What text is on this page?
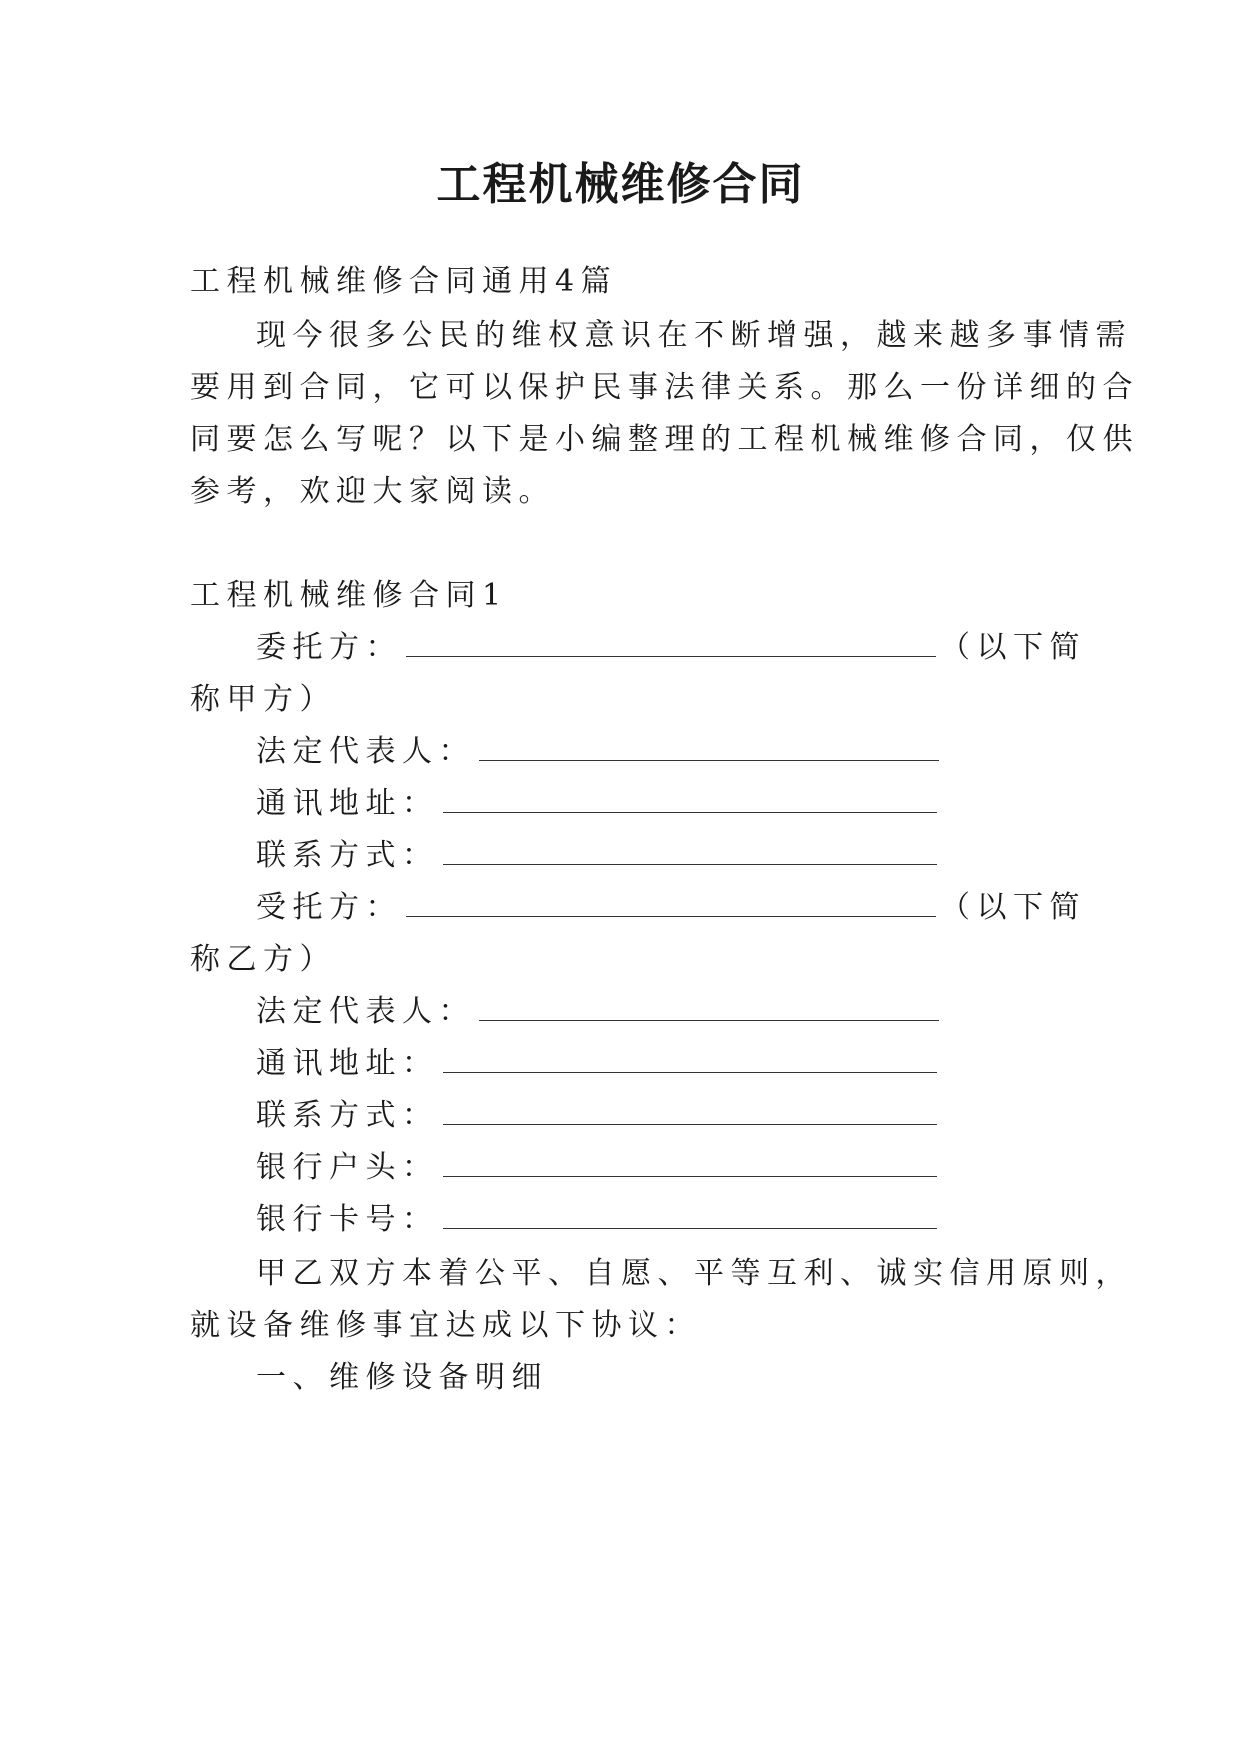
工程机械维修合同
工程机械维修合同通用4篇
现今很多公民的维权意识在不断增强，越来越多事情需
要用到合同，它可以保护民事法律关系。那么一份详细的合
同要怎么写呢？以下是小编整理的工程机械维修合同，仅供
参考，欢迎大家阅读。
工程机械维修合同1
委托方：	（以下简
称甲方）
法定代表人：
通讯地址：
联系方式：
受托方：	（以下简
称乙方）
法定代表人：
通讯地址：
联系方式：
银行户头：
银行卡号：
甲乙双方本着公平、自愿、平等互利、诚实信用原则，
就设备维修事宜达成以下协议：
一、维修设备明细
